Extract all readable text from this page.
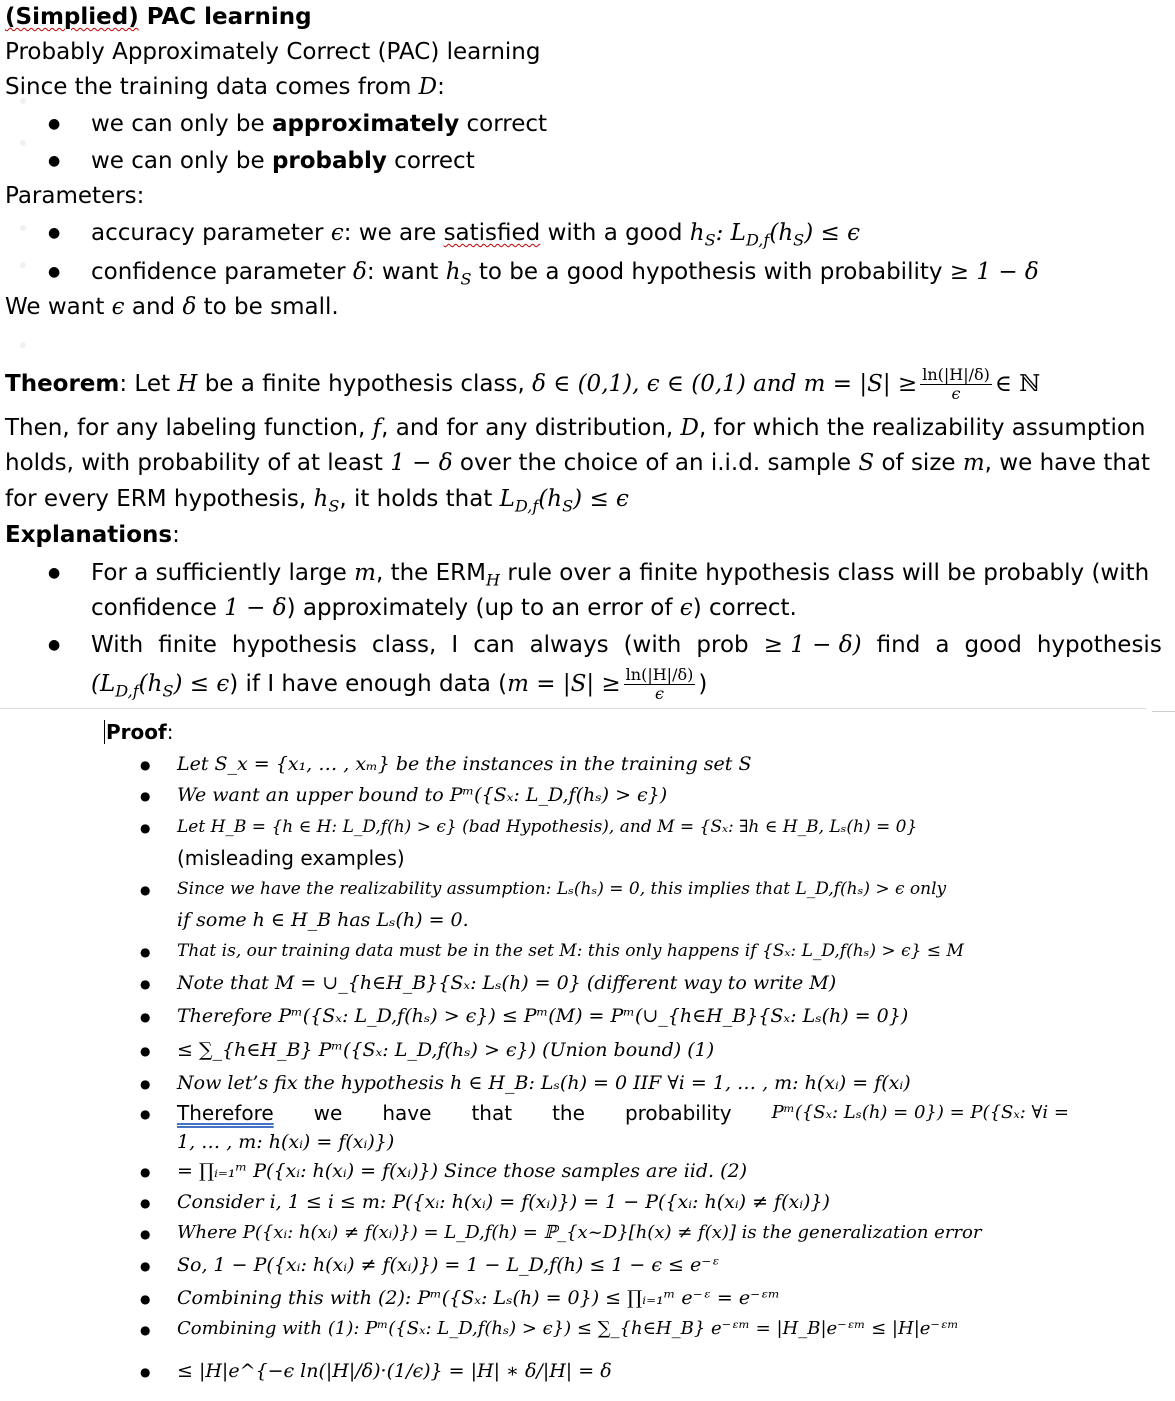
(Simplied) PAC learning
Probably Approximately Correct (PAC) learning
Since the training data comes from D:
●
we can only be approximately correct
●
we can only be probably correct
Parameters:
●
accuracy parameter ϵ: we are satisfied with a good $h_S$: $L_{D,f}(h_S) \le \epsilon$
●
confidence parameter δ: want $h_S$ to be a good hypothesis with probability ≥ 1 − δ
We want ϵ and δ to be small.
Theorem: Let H be a finite hypothesis class, δ ∈ (0,1), ϵ ∈ (0,1) and $m = |S| \ge \frac{\ln(|H|/\delta)}{\epsilon}$ ∈ ℕ
Then, for any labeling function, f, and for any distribution, D, for which the realizability assumption
holds, with probability of at least 1 − δ over the choice of an i.i.d. sample S of size m, we have that
for every ERM hypothesis, $h_S$, it holds that $L_{D,f}(h_S) \le \epsilon$
Explanations:
●
For a sufficiently large m, the $ERM_H$ rule over a finite hypothesis class will be probably (with
confidence 1 − δ) approximately (up to an error of ϵ) correct.
●
With finite hypothesis class, I can always (with prob ≥ 1 − δ) find a good hypothesis
$(L_{D,f}(h_S) \le \epsilon)$ if I have enough data ($m = |S| \ge \frac{\ln(|H|/\delta)}{\epsilon}$ )
Proof:
●
Let S_x = {x₁, … , xₘ} be the instances in the training set S
●
We want an upper bound to Pᵐ({Sₓ: L_D,f(hₛ) > ϵ})
●
Let H_B = {h ∈ H: L_D,f(h) > ϵ} (bad Hypothesis), and M = {Sₓ: ∃h ∈ H_B, Lₛ(h) = 0}
(misleading examples)
●
Since we have the realizability assumption: Lₛ(hₛ) = 0, this implies that L_D,f(hₛ) > ϵ only
if some h ∈ H_B has Lₛ(h) = 0.
●
That is, our training data must be in the set M: this only happens if {Sₓ: L_D,f(hₛ) > ϵ} ≤ M
●
Note that M = ∪_{h∈H_B}{Sₓ: Lₛ(h) = 0} (different way to write M)
●
Therefore Pᵐ({Sₓ: L_D,f(hₛ) > ϵ}) ≤ Pᵐ(M) = Pᵐ(∪_{h∈H_B}{Sₓ: Lₛ(h) = 0})
●
≤ ∑_{h∈H_B} Pᵐ({Sₓ: L_D,f(hₛ) > ϵ}) (Union bound) (1)
●
Now let’s fix the hypothesis h ∈ H_B: Lₛ(h) = 0 IIF ∀i = 1, … , m: h(xᵢ) = f(xᵢ)
●
Therefore we have that the probability Pᵐ({Sₓ: Lₛ(h) = 0}) = P({Sₓ: ∀i =
1, … , m: h(xᵢ) = f(xᵢ)})
●
= ∏ᵢ₌₁ᵐ P({xᵢ: h(xᵢ) = f(xᵢ)}) Since those samples are iid. (2)
●
Consider i, 1 ≤ i ≤ m: P({xᵢ: h(xᵢ) = f(xᵢ)}) = 1 − P({xᵢ: h(xᵢ) ≠ f(xᵢ)})
●
Where P({xᵢ: h(xᵢ) ≠ f(xᵢ)}) = L_D,f(h) = ℙ_{x~D}[h(x) ≠ f(x)] is the generalization error
●
So, 1 − P({xᵢ: h(xᵢ) ≠ f(xᵢ)}) = 1 − L_D,f(h) ≤ 1 − ϵ ≤ e⁻ᵋ
●
Combining this with (2): Pᵐ({Sₓ: Lₛ(h) = 0}) ≤ ∏ᵢ₌₁ᵐ e⁻ᵋ = e⁻ᵋᵐ
●
Combining with (1): Pᵐ({Sₓ: L_D,f(hₛ) > ϵ}) ≤ ∑_{h∈H_B} e⁻ᵋᵐ = |H_B|e⁻ᵋᵐ ≤ |H|e⁻ᵋᵐ
●
≤ |H|e^{−ϵ ln(|H|/δ)·(1/ϵ)} = |H| ∗ δ/|H| = δ
